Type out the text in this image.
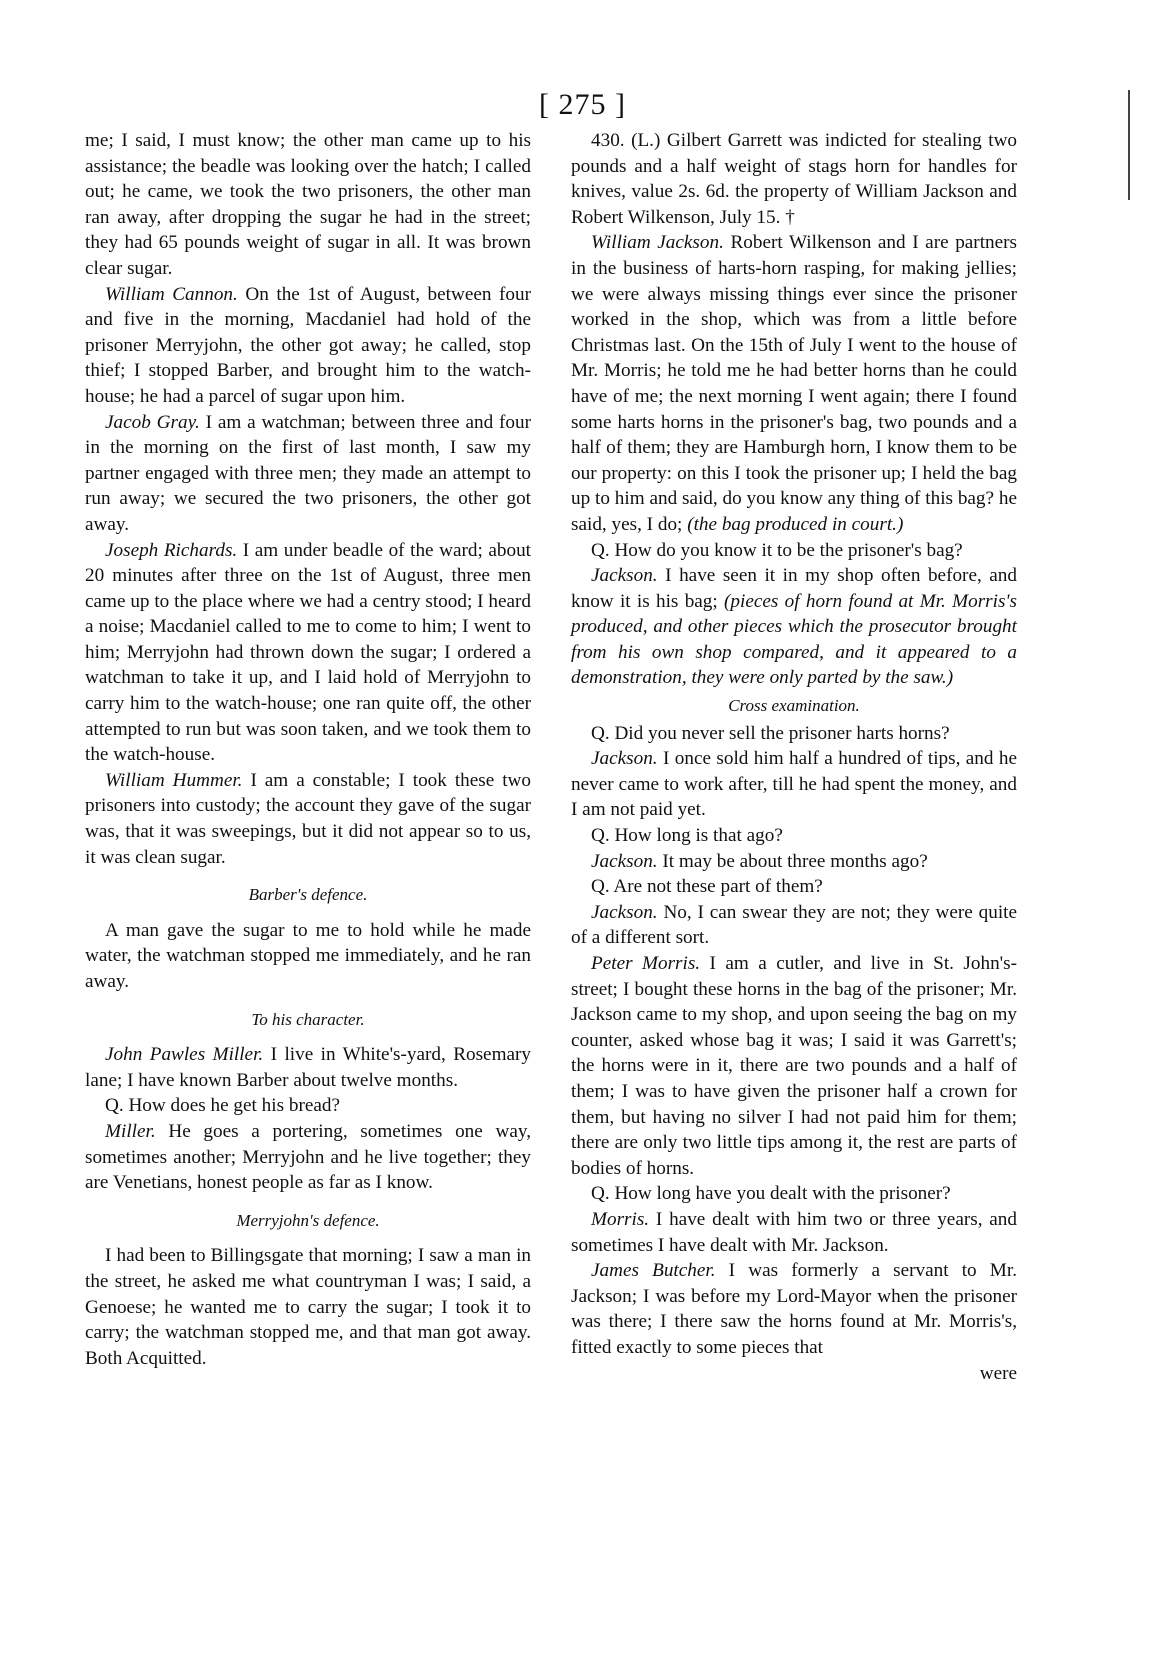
[ 275 ]

me; I said, I must know; the other man came up to his assistance; the beadle was looking over the hatch; I called out; he came, we took the two prisoners, the other man ran away, after dropping the sugar he had in the street; they had 65 pounds weight of sugar in all. It was brown clear sugar.

William Cannon. On the 1st of August, between four and five in the morning, Macdaniel had hold of the prisoner Merryjohn, the other got away; he called, stop thief; I stopped Barber, and brought him to the watch-house; he had a parcel of sugar upon him.

Jacob Gray. I am a watchman; between three and four in the morning on the first of last month, I saw my partner engaged with three men; they made an attempt to run away; we secured the two prisoners, the other got away.

Joseph Richards. I am under beadle of the ward; about 20 minutes after three on the 1st of August, three men came up to the place where we had a centry stood; I heard a noise; Macdaniel called to me to come to him; I went to him; Merryjohn had thrown down the sugar; I ordered a watchman to take it up, and I laid hold of Merryjohn to carry him to the watch-house; one ran quite off, the other attempted to run but was soon taken, and we took them to the watch-house.

William Hummer. I am a constable; I took these two prisoners into custody; the account they gave of the sugar was, that it was sweepings, but it did not appear so to us, it was clean sugar.

Barber's defence.

A man gave the sugar to me to hold while he made water, the watchman stopped me immediately, and he ran away.

To his character.

John Pawles Miller. I live in White's-yard, Rosemary lane; I have known Barber about twelve months.

Q. How does he get his bread?

Miller. He goes a portering, sometimes one way, sometimes another; Merryjohn and he live together; they are Venetians, honest people as far as I know.

Merryjohn's defence.

I had been to Billingsgate that morning; I saw a man in the street, he asked me what countryman I was; I said, a Genoese; he wanted me to carry the sugar; I took it to carry; the watchman stopped me, and that man got away. Both Acquitted.

430. (L.) Gilbert Garrett was indicted for stealing two pounds and a half weight of stags horn for handles for knives, value 2s. 6d. the property of William Jackson and Robert Wilkenson, July 15. †

William Jackson. Robert Wilkenson and I are partners in the business of harts-horn rasping, for making jellies; we were always missing things ever since the prisoner worked in the shop, which was from a little before Christmas last. On the 15th of July I went to the house of Mr. Morris; he told me he had better horns than he could have of me; the next morning I went again; there I found some harts horns in the prisoner's bag, two pounds and a half of them; they are Hamburgh horn, I know them to be our property: on this I took the prisoner up; I held the bag up to him and said, do you know any thing of this bag? he said, yes, I do; (the bag produced in court.)

Q. How do you know it to be the prisoner's bag?

Jackson. I have seen it in my shop often before, and know it is his bag; (pieces of horn found at Mr. Morris's produced, and other pieces which the prosecutor brought from his own shop compared, and it appeared to a demonstration, they were only parted by the saw.)

Cross examination.

Q. Did you never sell the prisoner harts horns?

Jackson. I once sold him half a hundred of tips, and he never came to work after, till he had spent the money, and I am not paid yet.

Q. How long is that ago?

Jackson. It may be about three months ago?

Q. Are not these part of them?

Jackson. No, I can swear they are not; they were quite of a different sort.

Peter Morris. I am a cutler, and live in St. John's-street; I bought these horns in the bag of the prisoner; Mr. Jackson came to my shop, and upon seeing the bag on my counter, asked whose bag it was; I said it was Garrett's; the horns were in it, there are two pounds and a half of them; I was to have given the prisoner half a crown for them, but having no silver I had not paid him for them; there are only two little tips among it, the rest are parts of bodies of horns.

Q. How long have you dealt with the prisoner?

Morris. I have dealt with him two or three years, and sometimes I have dealt with Mr. Jackson.

James Butcher. I was formerly a servant to Mr. Jackson; I was before my Lord-Mayor when the prisoner was there; I there saw the horns found at Mr. Morris's, fitted exactly to some pieces that

were
